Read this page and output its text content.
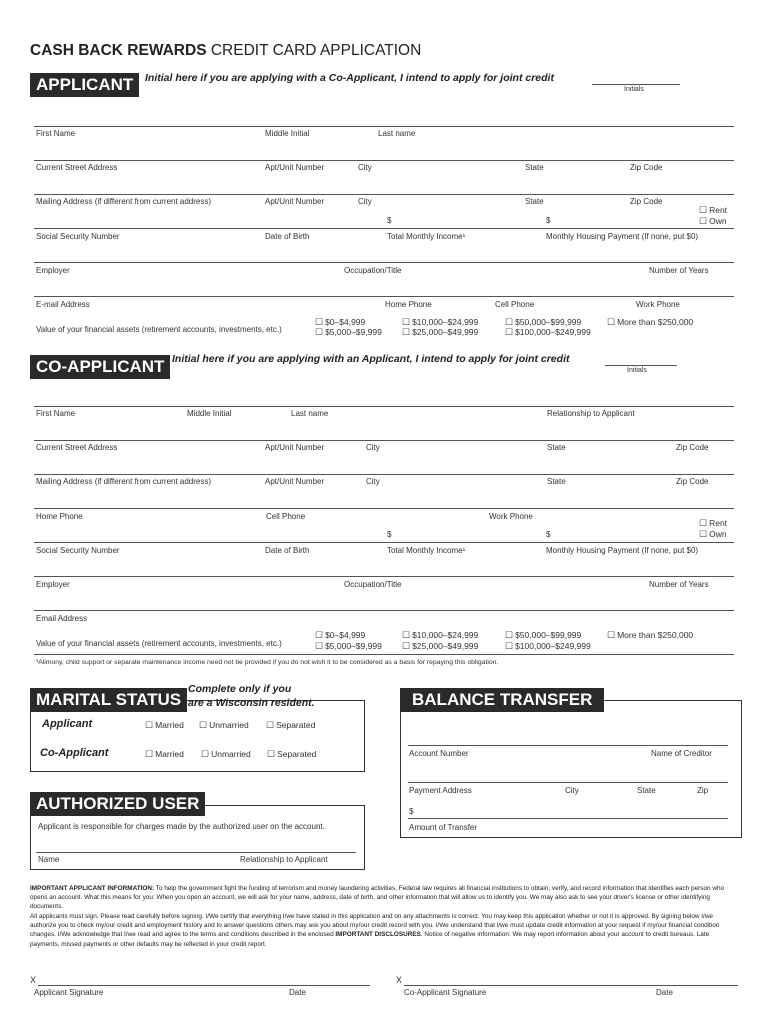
CASH BACK REWARDS CREDIT CARD APPLICATION
APPLICANT	Initial here if you are applying with a Co-Applicant, I intend to apply for joint credit
Initials
First Name	Middle Initial	Last name
Current Street Address	Apt/Unit Number	City	State	Zip Code
Mailing Address (if different from current address)	Apt/Unit Number	City	State	Zip Code
☐ Rent
☐ Own
$	$
Social Security Number	Date of Birth	Total Monthly Income¹	Monthly Housing Payment (If none, put $0)
Employer	Occupation/Title	Number of Years
E-mail Address	Home Phone	Cell Phone	Work Phone
Value of your financial assets (retirement accounts, investments, etc.)
☐ $0–$4,999
☐ $5,000–$9,999
☐ $10,000–$24,999
☐ $25,000–$49,999
☐ $50,000–$99,999
☐ $100,000–$249,999
☐ More than $250,000
CO-APPLICANT Initial here if you are applying with an Applicant, I intend to apply for joint credit
Initials
First Name	Middle Initial	Last name	Relationship to Applicant
Current Street Address	Apt/Unit Number	City	State	Zip Code
Mailing Address (if different from current address)	Apt/Unit Number	City	State	Zip Code
Home Phone	Cell Phone	Work Phone
☐ Rent
☐ Own
$	$
Social Security Number	Date of Birth	Total Monthly Income¹	Monthly Housing Payment (If none, put $0)
Employer	Occupation/Title	Number of Years
Email Address
Value of your financial assets (retirement accounts, investments, etc.)
☐ $0–$4,999
☐ $5,000–$9,999
☐ $10,000–$24,999
☐ $25,000–$49,999
☐ $50,000–$99,999
☐ $100,000–$249,999
☐ More than $250,000
¹Alimony, child support or separate maintenance income need not be provided if you do not wish it to be considered as a basis for repaying this obligation.
MARITAL STATUS
Complete only if you
are a Wisconsin resident.
Applicant	☐ Married	☐ Unmarried	☐ Separated
Co-Applicant	☐ Married	☐ Unmarried	☐ Separated
AUTHORIZED USER
Applicant is responsible for charges made by the authorized user on the account.
Name	Relationship to Applicant
BALANCE TRANSFER
Account Number	Name of Creditor
Payment Address	City	State	Zip
$
Amount of Transfer
IMPORTANT APPLICANT INFORMATION: To help the government fight the funding of terrorism and money laundering activities, Federal law requires all financial institutions to obtain, verify, and record information that identifies each person who opens an account. What this means for you: When you open an account, we will ask for your name, address, date of birth, and other information that will allow us to identify you. We may also ask to see your driver's license or other identifying documents.
All applicants must sign. Please read carefully before signing. I/We certify that everything I/we have stated in this application and on any attachments is correct. You may keep this application whether or not it is approved. By signing below I/we authorize you to check my/our credit and employment history and to answer questions others may ask you about my/our credit record with you. I/We understand that I/we must update credit information at your request if my/our financial condition changes. I/We acknowledge that I/we read and agree to the terms and conditions described in the enclosed IMPORTANT DISCLOSURES. Notice of negative information: We may report information about your account to credit bureaus. Late payments, missed payments or other defaults may be reflected in your credit report.
X
Applicant Signature	Date
X
Co-Applicant Signature	Date
